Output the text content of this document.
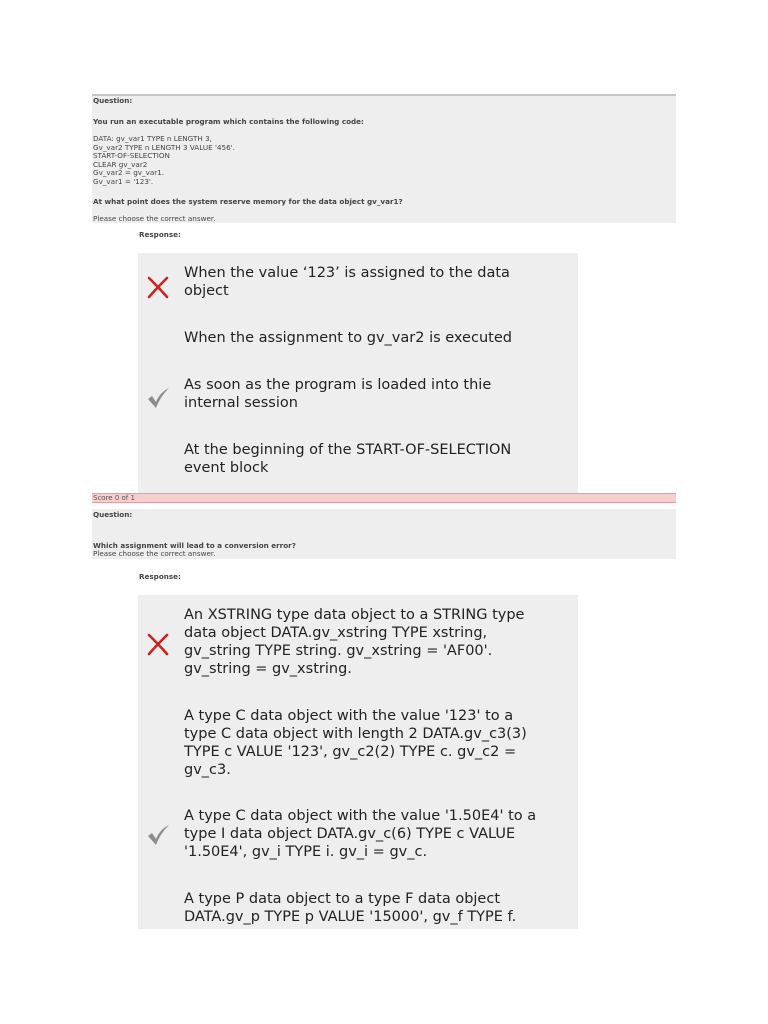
Question:
You run an executable program which contains the following code:
DATA: gv_var1 TYPE n LENGTH 3,
Gv_var2 TYPE n LENGTH 3 VALUE '456'.
START-OF-SELECTION
CLEAR gv_var2
Gv_var2 = gv_var1.
Gv_var1 = '123'.
At what point does the system reserve memory for the data object gv_var1?
Please choose the correct answer.
Response:
When the value ‘123’ is assigned to the data
object
When the assignment to gv_var2 is executed
As soon as the program is loaded into thie
internal session
At the beginning of the START-OF-SELECTION
event block
Score 0 of 1
Question:
Which assignment will lead to a conversion error?
Please choose the correct answer.
Response:
An XSTRING type data object to a STRING type
data object DATA.gv_xstring TYPE xstring,
gv_string TYPE string. gv_xstring = 'AF00'.
gv_string = gv_xstring.
A type C data object with the value '123' to a
type C data object with length 2 DATA.gv_c3(3)
TYPE c VALUE '123', gv_c2(2) TYPE c. gv_c2 =
gv_c3.
A type C data object with the value '1.50E4' to a
type I data object DATA.gv_c(6) TYPE c VALUE
'1.50E4', gv_i TYPE i. gv_i = gv_c.
A type P data object to a type F data object
DATA.gv_p TYPE p VALUE '15000', gv_f TYPE f.
